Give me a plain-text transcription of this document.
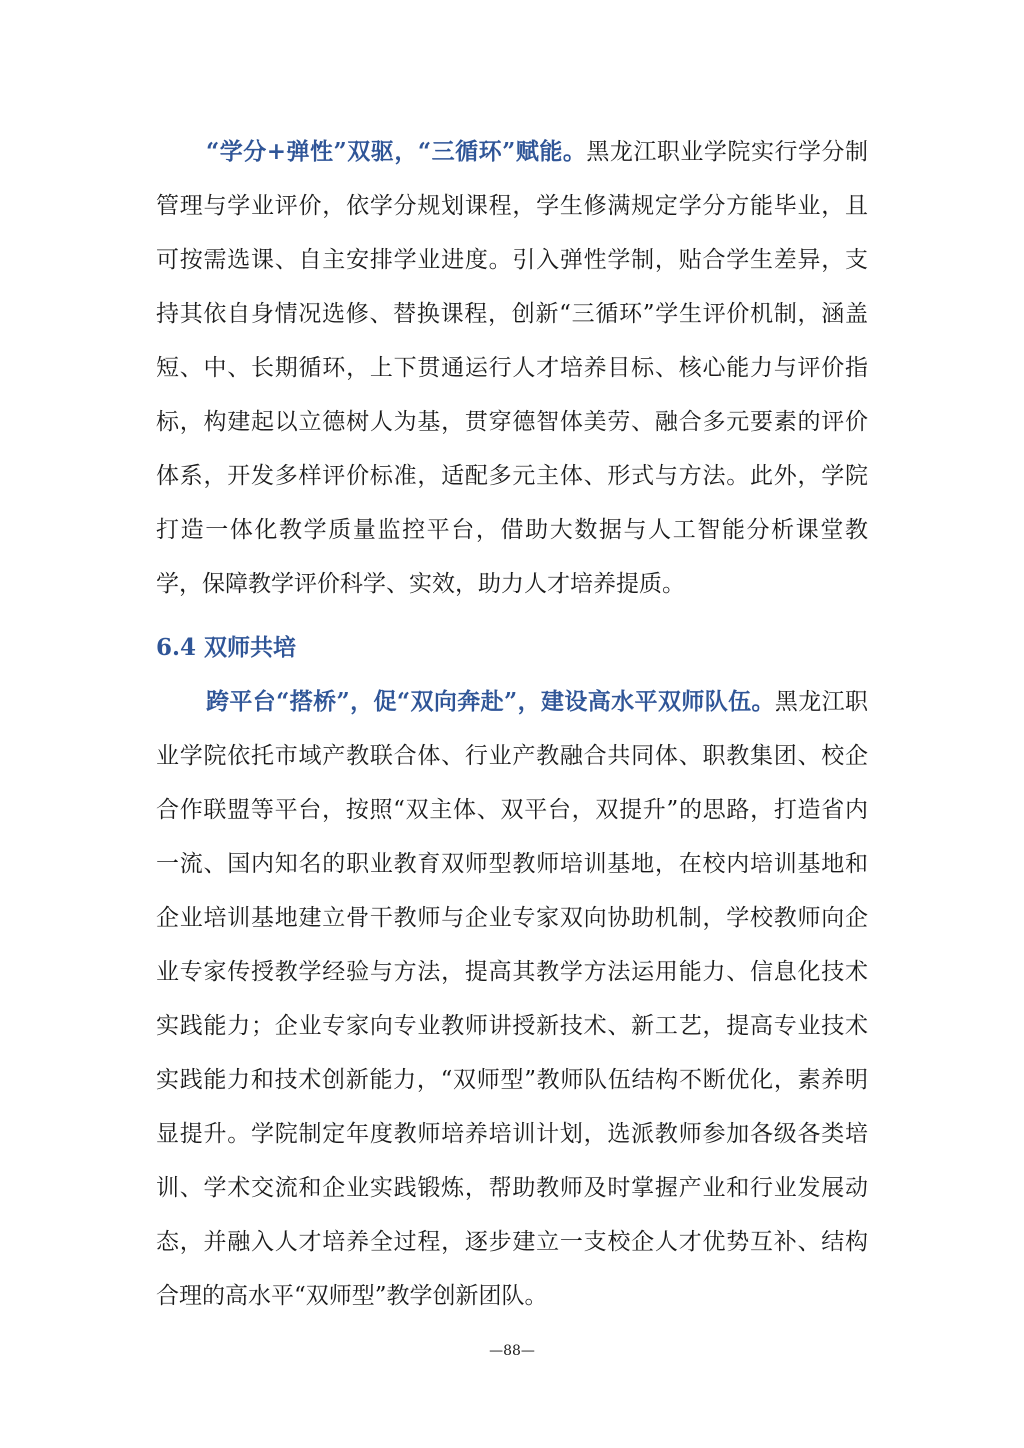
“学分+弹性”双驱，“三循环”赋能。黑龙江职业学院实行学分制管理与学业评价，依学分规划课程，学生修满规定学分方能毕业，且可按需选课、自主安排学业进度。引入弹性学制，贴合学生差异，支持其依自身情况选修、替换课程，创新“三循环”学生评价机制，涵盖短、中、长期循环，上下贯通运行人才培养目标、核心能力与评价指标，构建起以立德树人为基，贯穿德智体美劳、融合多元要素的评价体系，开发多样评价标准，适配多元主体、形式与方法。此外，学院打造一体化教学质量监控平台，借助大数据与人工智能分析课堂教学，保障教学评价科学、实效，助力人才培养提质。

6.4 双师共培

跨平台“搭桥”，促“双向奔赴”，建设高水平双师队伍。黑龙江职业学院依托市域产教联合体、行业产教融合共同体、职教集团、校企合作联盟等平台，按照“双主体、双平台，双提升”的思路，打造省内一流、国内知名的职业教育双师型教师培训基地，在校内培训基地和企业培训基地建立骨干教师与企业专家双向协助机制，学校教师向企业专家传授教学经验与方法，提高其教学方法运用能力、信息化技术实践能力；企业专家向专业教师讲授新技术、新工艺，提高专业技术实践能力和技术创新能力，“双师型”教师队伍结构不断优化，素养明显提升。学院制定年度教师培养培训计划，选派教师参加各级各类培训、学术交流和企业实践锻炼，帮助教师及时掌握产业和行业发展动态，并融入人才培养全过程，逐步建立一支校企人才优势互补、结构合理的高水平“双师型”教学创新团队。

—88—
